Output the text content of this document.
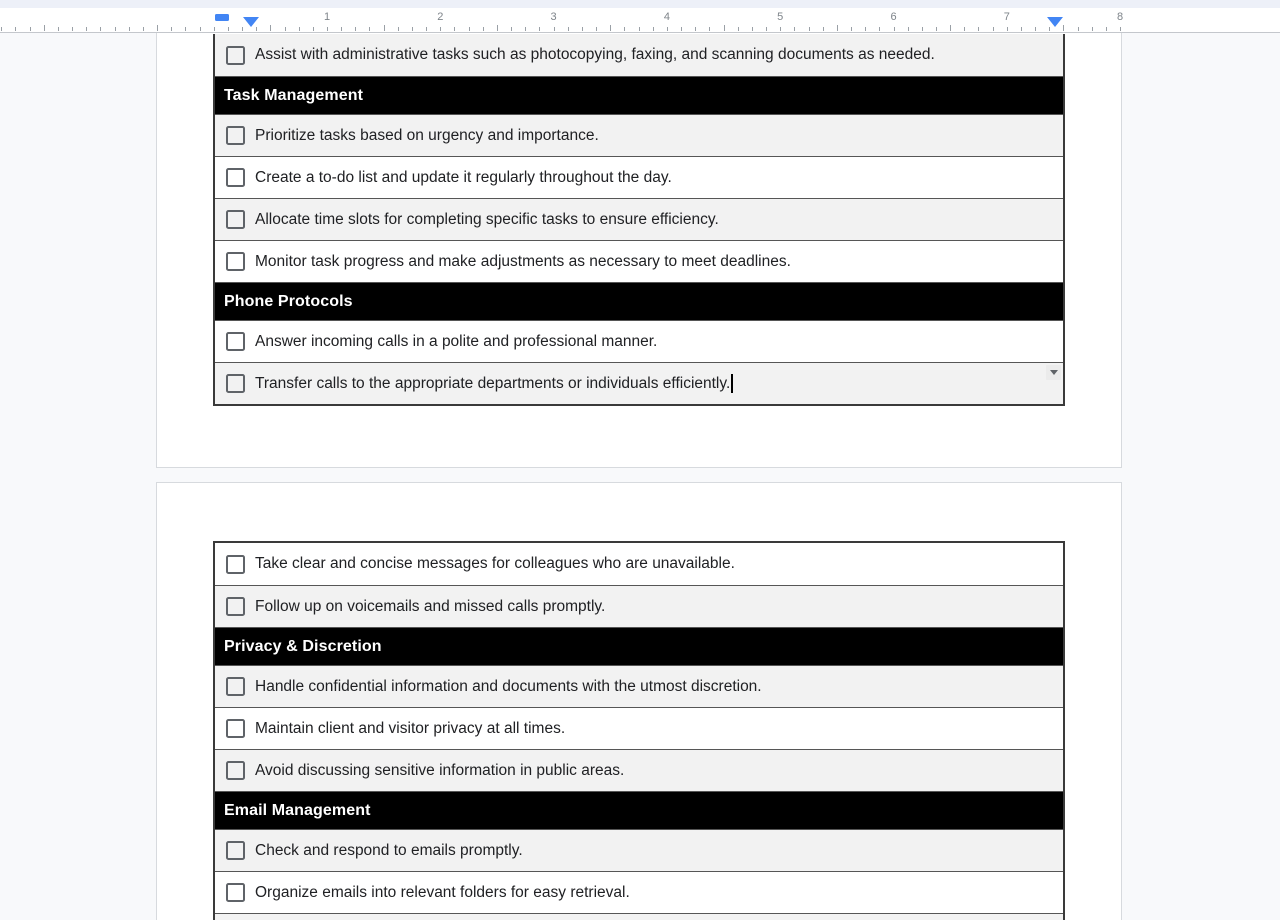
1	2	3	4	5	6	7	8
Assist with administrative tasks such as photocopying, faxing, and scanning documents as needed.
Task Management
Prioritize tasks based on urgency and importance.
Create a to-do list and update it regularly throughout the day.
Allocate time slots for completing specific tasks to ensure efficiency.
Monitor task progress and make adjustments as necessary to meet deadlines.
Phone Protocols
Answer incoming calls in a polite and professional manner.
Transfer calls to the appropriate departments or individuals efficiently.
Take clear and concise messages for colleagues who are unavailable.
Follow up on voicemails and missed calls promptly.
Privacy & Discretion
Handle confidential information and documents with the utmost discretion.
Maintain client and visitor privacy at all times.
Avoid discussing sensitive information in public areas.
Email Management
Check and respond to emails promptly.
Organize emails into relevant folders for easy retrieval.
